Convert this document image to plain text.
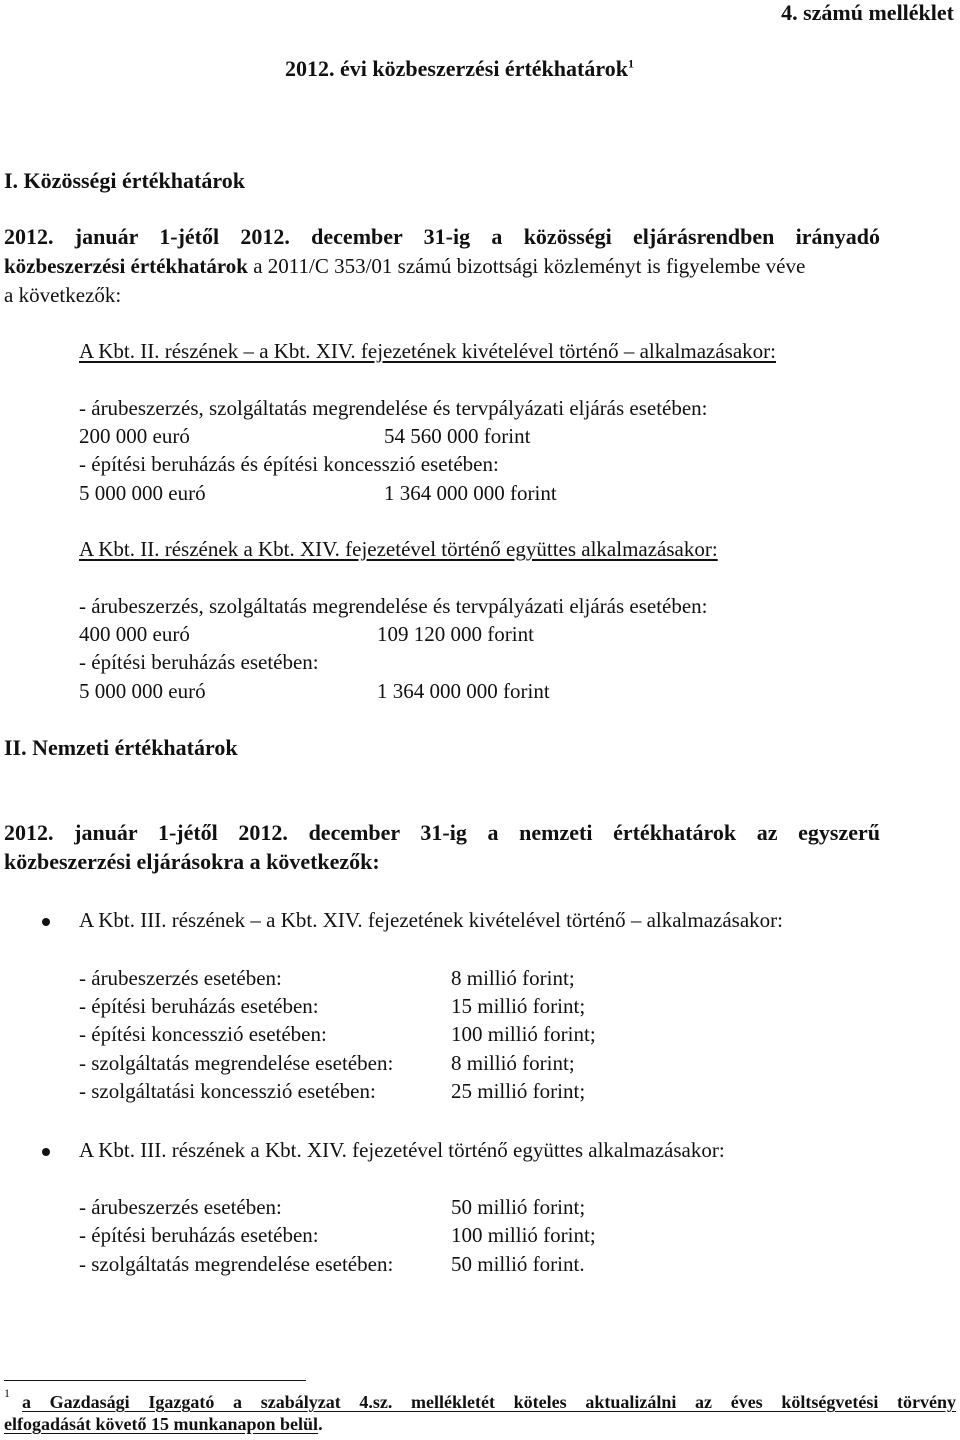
4. számú melléklet
2012. évi közbeszerzési értékhatárok$^1$
I. Közösségi értékhatárok
2012. január 1-jétől 2012. december 31-ig a közösségi eljárásrendben irányadó
közbeszerzési értékhatárok a 2011/C 353/01 számú bizottsági közleményt is figyelembe véve
a következők:
A Kbt. II. részének – a Kbt. XIV. fejezetének kivételével történő – alkalmazásakor:
- árubeszerzés, szolgáltatás megrendelése és tervpályázati eljárás esetében:
200 000 euró	54 560 000 forint
- építési beruházás és építési koncesszió esetében:
5 000 000 euró	1 364 000 000 forint
A Kbt. II. részének a Kbt. XIV. fejezetével történő együttes alkalmazásakor:
- árubeszerzés, szolgáltatás megrendelése és tervpályázati eljárás esetében:
400 000 euró	109 120 000 forint
- építési beruházás esetében:
5 000 000 euró	1 364 000 000 forint
II. Nemzeti értékhatárok
2012. január 1-jétől 2012. december 31-ig a nemzeti értékhatárok az egyszerű
közbeszerzési eljárásokra a következők:
A Kbt. III. részének – a Kbt. XIV. fejezetének kivételével történő – alkalmazásakor:
- árubeszerzés esetében:	8 millió forint;
- építési beruházás esetében:	15 millió forint;
- építési koncesszió esetében:	100 millió forint;
- szolgáltatás megrendelése esetében:	8 millió forint;
- szolgáltatási koncesszió esetében:	25 millió forint;
A Kbt. III. részének a Kbt. XIV. fejezetével történő együttes alkalmazásakor:
- árubeszerzés esetében:	50 millió forint;
- építési beruházás esetében:	100 millió forint;
- szolgáltatás megrendelése esetében:	50 millió forint.
1 a Gazdasági Igazgató a szabályzat 4.sz. mellékletét köteles aktualizálni az éves költségvetési törvény
elfogadását követő 15 munkanapon belül.
